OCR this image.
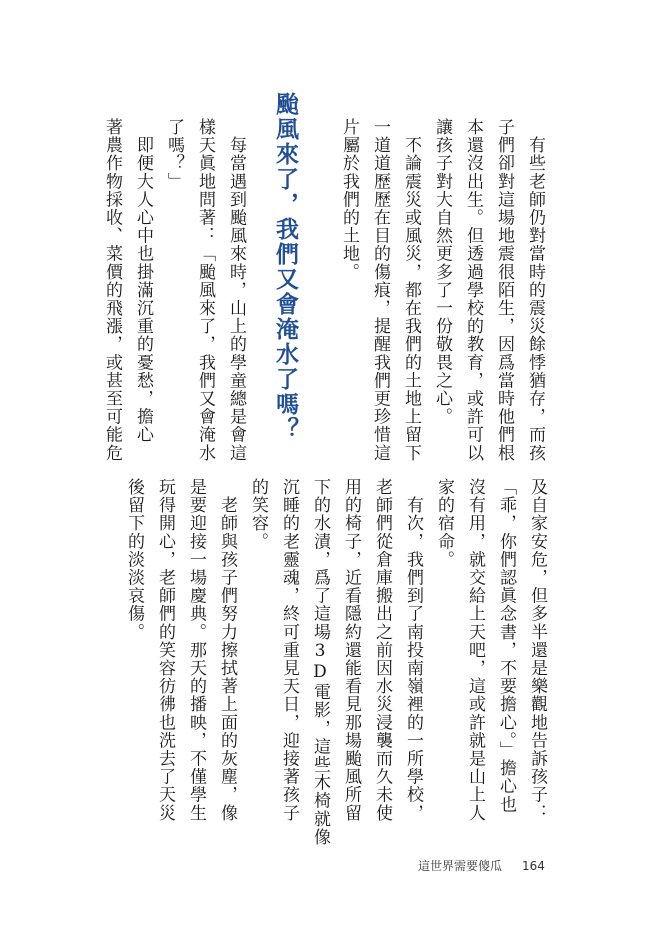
　有些老師仍對當時的震災餘悸猶存，而孩
子們卻對這場地震很陌生，因爲當時他們根
本還沒出生。但透過學校的教育，或許可以
讓孩子對大自然更多了一份敬畏之心。
　不論震災或風災，都在我們的土地上留下
一道道歷歷在目的傷痕，提醒我們更珍惜這
片屬於我們的土地。
颱風來了，我們又會淹水了嗎？
　每當遇到颱風來時，山上的學童總是會這
樣天眞地問著：「颱風來了，我們又會淹水
了嗎？」
　即便大人心中也掛滿沉重的憂愁，擔心
著農作物採收、菜價的飛漲，或甚至可能危
及自家安危，但多半還是樂觀地告訴孩子：
「乖，你們認眞念書，不要擔心。」擔心也
沒有用，就交給上天吧，這或許就是山上人
家的宿命。
　有次，我們到了南投南嶺裡的一所學校，
老師們從倉庫搬出之前因水災浸襲而久未使
用的椅子，近看隱約還能看見那場颱風所留
下的水漬，爲了這場3D電影，這些木椅就像
沉睡的老靈魂，終可重見天日，迎接著孩子
的笑容。
　老師與孩子們努力擦拭著上面的灰塵，像
是要迎接一場慶典。那天的播映，不僅學生
玩得開心，老師們的笑容彷彿也洗去了天災
後留下的淡淡哀傷。
這世界需要傻瓜 164
